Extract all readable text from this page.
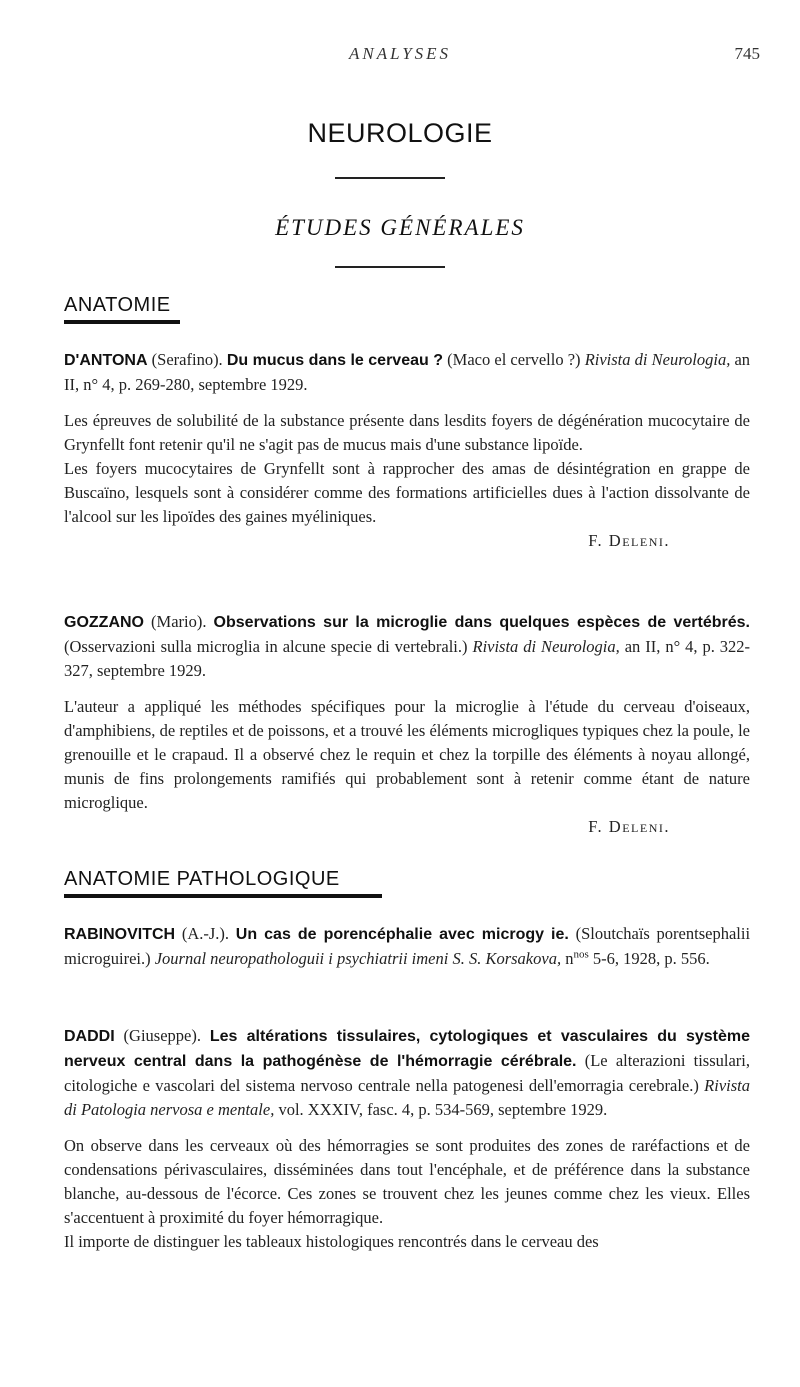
ANALYSES	745
NEUROLOGIE
ÉTUDES GÉNÉRALES
ANATOMIE
D'ANTONA (Serafino). Du mucus dans le cerveau ? (Maco el cervello ?) Rivista di Neurologia, an II, n° 4, p. 269-280, septembre 1929.
Les épreuves de solubilité de la substance présente dans lesdits foyers de dégénération mucocytaire de Grynfellt font retenir qu'il ne s'agit pas de mucus mais d'une substance lipoïde.
Les foyers mucocytaires de Grynfellt sont à rapprocher des amas de désintégration en grappe de Buscaïno, lesquels sont à considérer comme des formations artificielles dues à l'action dissolvante de l'alcool sur les lipoïdes des gaines myéliniques.
F. Deleni.
GOZZANO (Mario). Observations sur la microglie dans quelques espèces de vertébrés. (Osservazioni sulla microglia in alcune specie di vertebrali.) Rivista di Neurologia, an II, n° 4, p. 322-327, septembre 1929.
L'auteur a appliqué les méthodes spécifiques pour la microglie à l'étude du cerveau d'oiseaux, d'amphibiens, de reptiles et de poissons, et a trouvé les éléments microgliques typiques chez la poule, le grenouille et le crapaud. Il a observé chez le requin et chez la torpille des éléments à noyau allongé, munis de fins prolongements ramifiés qui probablement sont à retenir comme étant de nature microglique.
F. Deleni.
ANATOMIE PATHOLOGIQUE
RABINOVITCH (A.-J.). Un cas de porencéphalie avec microgy ie. (Sloutchaïs porentsephalii microguirei.) Journal neuropathologuii i psychiatrii imeni S. S. Korsakova, $n^{nos}$ 5-6, 1928, p. 556.
DADDI (Giuseppe). Les altérations tissulaires, cytologiques et vasculaires du système nerveux central dans la pathogénèse de l'hémorragie cérébrale. (Le alterazioni tissulari, citologiche e vascolari del sistema nervoso centrale nella patogenesi dell'emorragia cerebrale.) Rivista di Patologia nervosa e mentale, vol. XXXIV, fasc. 4, p. 534-569, septembre 1929.
On observe dans les cerveaux où des hémorragies se sont produites des zones de raréfactions et de condensations périvasculaires, disséminées dans tout l'encéphale, et de préférence dans la substance blanche, au-dessous de l'écorce. Ces zones se trouvent chez les jeunes comme chez les vieux. Elles s'accentuent à proximité du foyer hémorragique.
Il importe de distinguer les tableaux histologiques rencontrés dans le cerveau des
